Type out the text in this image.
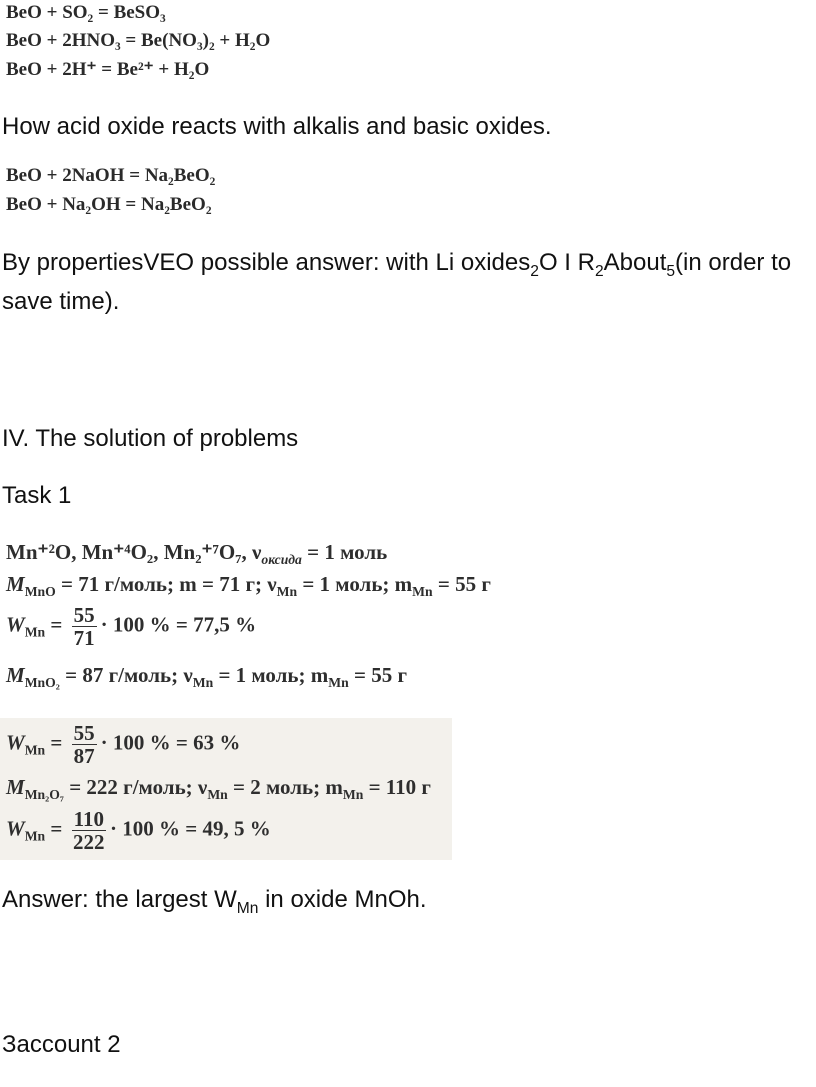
BeO + SO₂ = BeSO₃
BeO + 2HNO₃ = Be(NO₃)₂ + H₂O
BeO + 2H⁺ = Be²⁺ + H₂O
How acid oxide reacts with alkalis and basic oxides.
BeO + 2NaOH = Na₂BeO₂
BeO + Na₂OH = Na₂BeO₂
By propertiesVEO possible answer: with Li oxides$_2$O I $R_2About_5(in$ order to save time).
IV. The solution of problems
Task 1
Mn⁺²O, Mn⁺⁴O₂, Mn₂⁺⁷O₇, $\nu_{оксида} = 1$ моль
$M_{MnO} = 71$ г/моль; m = 71 г; $\nu_{Mn} = 1$ моль; $m_{Mn} = 55$ г
$W_{Mn} = \frac{55}{71} \cdot 100$ % = 77,5 %
$M_{MnO_2} = 87$ г/моль; $\nu_{Mn} = 1$ моль; $m_{Mn} = 55$ г
$W_{Mn} = \frac{55}{87} \cdot 100$ % = 63 %
$M_{Mn_2O_7} = 222$ г/моль; $\nu_{Mn} = 2$ моль; $m_{Mn} = 110$ г
$W_{Mn} = \frac{110}{222} \cdot 100$ % = 49, 5 %
Answer: the largest $W_{Mn}$ in oxide MnOh.
Зaccount 2
